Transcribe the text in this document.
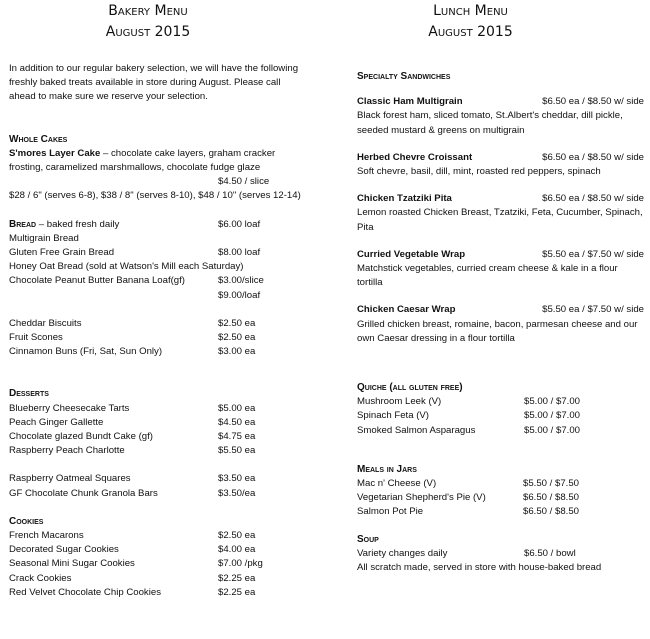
Bakery Menu
August 2015
In addition to our regular bakery selection, we will have the following freshly baked treats available in store during August. Please call ahead to make sure we reserve your selection.
Whole Cakes
S'mores Layer Cake – chocolate cake layers, graham cracker frosting, caramelized marshmallows, chocolate fudge glaze
$4.50 / slice
$28 / 6" (serves 6-8), $38 / 8" (serves 8-10), $48 / 10" (serves 12-14)
Bread – baked fresh daily	$6.00 loaf
Multigrain Bread
Gluten Free Grain Bread	$8.00 loaf
Honey Oat Bread (sold at Watson's Mill each Saturday)
Chocolate Peanut Butter Banana Loaf(gf)	$3.00/slice
$9.00/loaf
Cheddar Biscuits	$2.50 ea
Fruit Scones	$2.50 ea
Cinnamon Buns (Fri, Sat, Sun Only)	$3.00 ea
Desserts
Blueberry Cheesecake Tarts	$5.00 ea
Peach Ginger Gallette	$4.50 ea
Chocolate glazed Bundt Cake (gf)	$4.75 ea
Raspberry Peach Charlotte	$5.50 ea
Raspberry Oatmeal Squares	$3.50 ea
GF Chocolate Chunk Granola Bars	$3.50/ea
Cookies
French Macarons	$2.50 ea
Decorated Sugar Cookies	$4.00 ea
Seasonal Mini Sugar Cookies	$7.00 /pkg
Crack Cookies	$2.25 ea
Red Velvet Chocolate Chip Cookies	$2.25 ea
Lunch Menu
August 2015
Specialty Sandwiches
Classic Ham Multigrain	$6.50 ea / $8.50 w/ side
Black forest ham, sliced tomato, St.Albert's cheddar, dill pickle, seeded mustard & greens on multigrain
Herbed Chevre Croissant	$6.50 ea / $8.50 w/ side
Soft chevre, basil, dill, mint, roasted red peppers, spinach
Chicken Tzatziki Pita	$6.50 ea / $8.50 w/ side
Lemon roasted Chicken Breast, Tzatziki, Feta, Cucumber, Spinach, Pita
Curried Vegetable Wrap	$5.50 ea / $7.50 w/ side
Matchstick vegetables, curried cream cheese & kale in a flour tortilla
Chicken Caesar Wrap	$5.50 ea / $7.50 w/ side
Grilled chicken breast, romaine, bacon, parmesan cheese and our own Caesar dressing in a flour tortilla
Quiche (all gluten free)
Mushroom Leek (V)	$5.00 / $7.00
Spinach Feta (V)	$5.00 / $7.00
Smoked Salmon Asparagus	$5.00 / $7.00
Meals in Jars
Mac n' Cheese (V)	$5.50 / $7.50
Vegetarian Shepherd's Pie (V)	$6.50 / $8.50
Salmon Pot Pie	$6.50 / $8.50
Soup
Variety changes daily	$6.50 / bowl
All scratch made, served in store with house-baked bread
